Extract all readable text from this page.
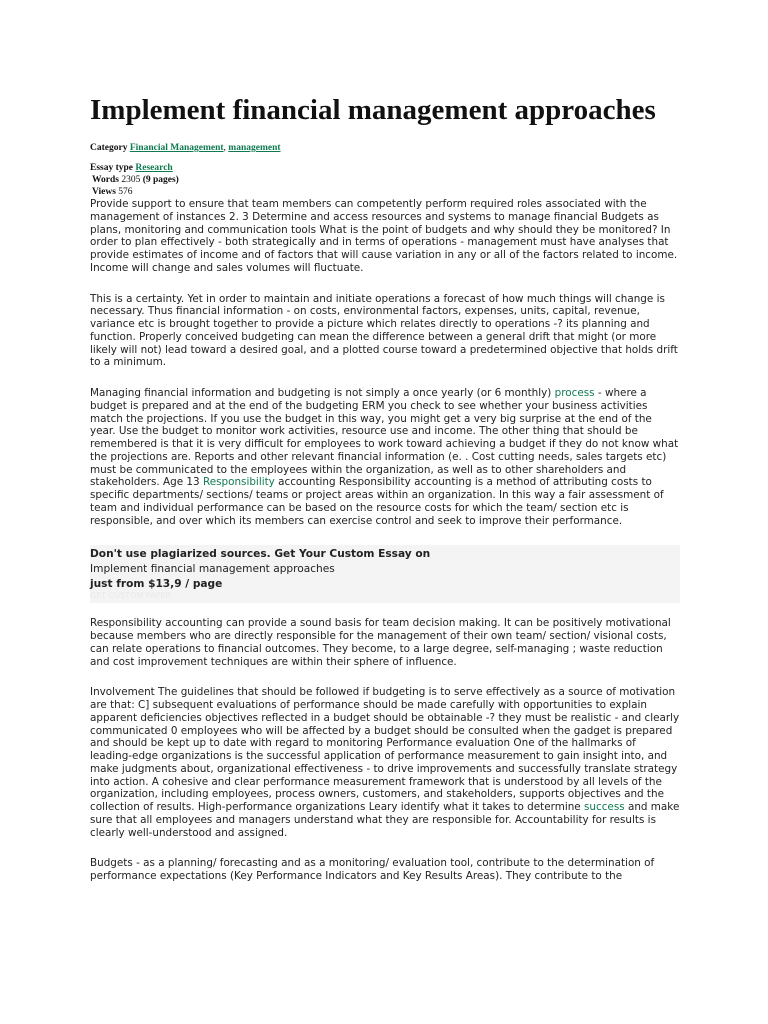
Implement financial management approaches
Category Financial Management, management
Essay type Research
Words 2305 (9 pages)
Views 576

Provide support to ensure that team members can competently perform required roles associated with the management of instances 2. 3 Determine and access resources and systems to manage financial Budgets as plans, monitoring and communication tools What is the point of budgets and why should they be monitored? In order to plan effectively - both strategically and in terms of operations - management must have analyses that provide estimates of income and of factors that will cause variation in any or all of the factors related to income. Income will change and sales volumes will fluctuate.

This is a certainty. Yet in order to maintain and initiate operations a forecast of how much things will change is necessary. Thus financial information - on costs, environmental factors, expenses, units, capital, revenue, variance etc is brought together to provide a picture which relates directly to operations -? its planning and function. Properly conceived budgeting can mean the difference between a general drift that might (or more likely will not) lead toward a desired goal, and a plotted course toward a predetermined objective that holds drift to a minimum.

Managing financial information and budgeting is not simply a once yearly (or 6 monthly) process - where a budget is prepared and at the end of the budgeting ERM you check to see whether your business activities match the projections. If you use the budget in this way, you might get a very big surprise at the end of the year. Use the budget to monitor work activities, resource use and income. The other thing that should be remembered is that it is very difficult for employees to work toward achieving a budget if they do not know what the projections are. Reports and other relevant financial information (e. . Cost cutting needs, sales targets etc) must be communicated to the employees within the organization, as well as to other shareholders and stakeholders. Age 13 Responsibility accounting Responsibility accounting is a method of attributing costs to specific departments/ sections/ teams or project areas within an organization. In this way a fair assessment of team and individual performance can be based on the resource costs for which the team/ section etc is responsible, and over which its members can exercise control and seek to improve their performance.

Don't use plagiarized sources. Get Your Custom Essay on
Implement financial management approaches
just from $13,9 / page
GET CUSTOM PAPER

Responsibility accounting can provide a sound basis for team decision making. It can be positively motivational because members who are directly responsible for the management of their own team/ section/ visional costs, can relate operations to financial outcomes. They become, to a large degree, self-managing ; waste reduction and cost improvement techniques are within their sphere of influence.

Involvement The guidelines that should be followed if budgeting is to serve effectively as a source of motivation are that: C] subsequent evaluations of performance should be made carefully with opportunities to explain apparent deficiencies objectives reflected in a budget should be obtainable -? they must be realistic - and clearly communicated 0 employees who will be affected by a budget should be consulted when the gadget is prepared and should be kept up to date with regard to monitoring Performance evaluation One of the hallmarks of leading-edge organizations is the successful application of performance measurement to gain insight into, and make judgments about, organizational effectiveness - to drive improvements and successfully translate strategy into action. A cohesive and clear performance measurement framework that is understood by all levels of the organization, including employees, process owners, customers, and stakeholders, supports objectives and the collection of results. High-performance organizations Leary identify what it takes to determine success and make sure that all employees and managers understand what they are responsible for. Accountability for results is clearly well-understood and assigned.

Budgets - as a planning/ forecasting and as a monitoring/ evaluation tool, contribute to the determination of performance expectations (Key Performance Indicators and Key Results Areas). They contribute to the
